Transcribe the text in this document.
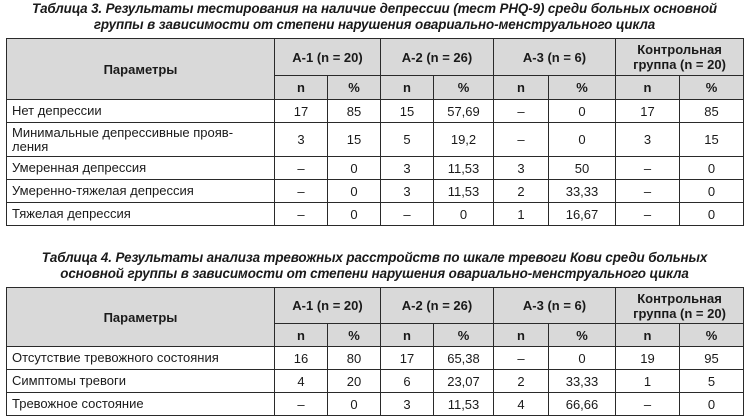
Таблица 3. Результаты тестирования на наличие депрессии (тест PHQ-9) среди больных основной
группы в зависимости от степени нарушения овариально-менструального цикла
Параметры	А-1 (n = 20)		А-2 (n = 26)		А-3 (n = 6)		Контрольная
группа (n = 20)	

	n	%	n	%	n	%	n	%
Нет депрессии	17	85	15	57,69	–	0	17	85

Минимальные депрессивные прояв-
ления	3	15	5	19,2	–	0	3	15
Умеренная депрессия	–	0	3	11,53	3	50	–	0
Умеренно-тяжелая депрессия	–	0	3	11,53	2	33,33	–	0
Тяжелая депрессия	–	0	–	0	1	16,67	–	0
Таблица 4. Результаты анализа тревожных расстройств по шкале тревоги Кови среди больных
основной группы в зависимости от степени нарушения овариально-менструального цикла
Параметры	А-1 (n = 20)		А-2 (n = 26)		А-3 (n = 6)		Контрольная
группа (n = 20)	

	n	%	n	%	n	%	n	%
Отсутствие тревожного состояния	16	80	17	65,38	–	0	19	95
Симптомы тревоги	4	20	6	23,07	2	33,33	1	5
Тревожное состояние	–	0	3	11,53	4	66,66	–	0
